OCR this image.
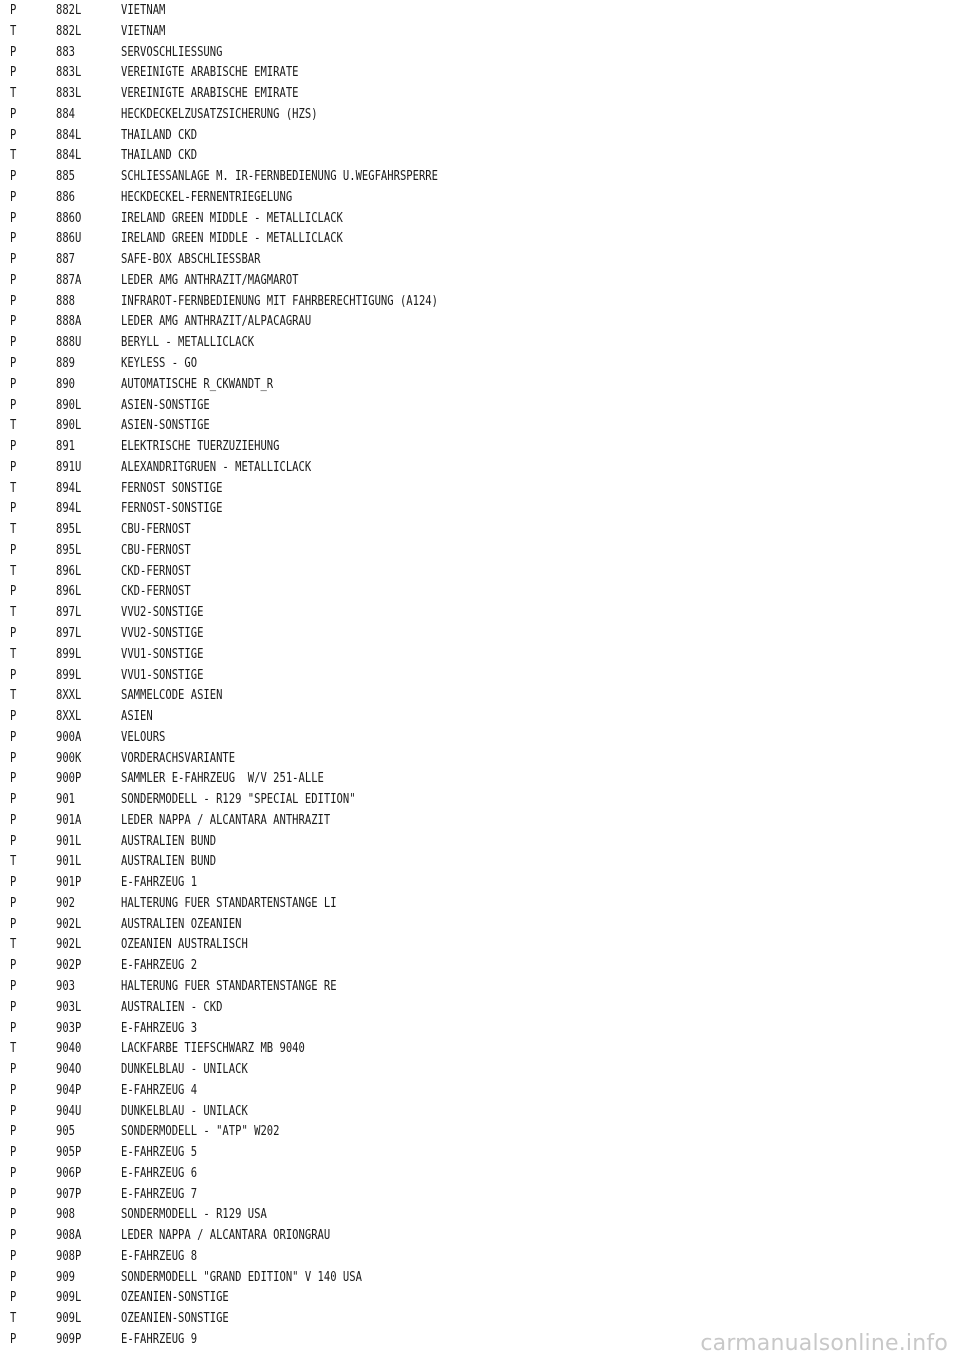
P	882L	VIETNAM
T	882L	VIETNAM
P	883	SERVOSCHLIESSUNG
P	883L	VEREINIGTE ARABISCHE EMIRATE
T	883L	VEREINIGTE ARABISCHE EMIRATE
P	884	HECKDECKELZUSATZSICHERUNG (HZS)
P	884L	THAILAND CKD
T	884L	THAILAND CKD
P	885	SCHLIESSANLAGE M. IR-FERNBEDIENUNG U.WEGFAHRSPERRE
P	886	HECKDECKEL-FERNENTRIEGELUNG
P	886O	IRELAND GREEN MIDDLE - METALLICLACK
P	886U	IRELAND GREEN MIDDLE - METALLICLACK
P	887	SAFE-BOX ABSCHLIESSBAR
P	887A	LEDER AMG ANTHRAZIT/MAGMAROT
P	888	INFRAROT-FERNBEDIENUNG MIT FAHRBERECHTIGUNG (A124)
P	888A	LEDER AMG ANTHRAZIT/ALPACAGRAU
P	888U	BERYLL - METALLICLACK
P	889	KEYLESS - GO
P	890	AUTOMATISCHE R_CKWANDT_R
P	890L	ASIEN-SONSTIGE
T	890L	ASIEN-SONSTIGE
P	891	ELEKTRISCHE TUERZUZIEHUNG
P	891U	ALEXANDRITGRUEN - METALLICLACK
T	894L	FERNOST SONSTIGE
P	894L	FERNOST-SONSTIGE
T	895L	CBU-FERNOST
P	895L	CBU-FERNOST
T	896L	CKD-FERNOST
P	896L	CKD-FERNOST
T	897L	VVU2-SONSTIGE
P	897L	VVU2-SONSTIGE
T	899L	VVU1-SONSTIGE
P	899L	VVU1-SONSTIGE
T	8XXL	SAMMELCODE ASIEN
P	8XXL	ASIEN
P	900A	VELOURS
P	900K	VORDERACHSVARIANTE
P	900P	SAMMLER E-FAHRZEUG  W/V 251-ALLE
P	901	SONDERMODELL - R129 "SPECIAL EDITION"
P	901A	LEDER NAPPA / ALCANTARA ANTHRAZIT
P	901L	AUSTRALIEN BUND
T	901L	AUSTRALIEN BUND
P	901P	E-FAHRZEUG 1
P	902	HALTERUNG FUER STANDARTENSTANGE LI
P	902L	AUSTRALIEN OZEANIEN
T	902L	OZEANIEN AUSTRALISCH
P	902P	E-FAHRZEUG 2
P	903	HALTERUNG FUER STANDARTENSTANGE RE
P	903L	AUSTRALIEN - CKD
P	903P	E-FAHRZEUG 3
T	9040	LACKFARBE TIEFSCHWARZ MB 9040
P	904O	DUNKELBLAU - UNILACK
P	904P	E-FAHRZEUG 4
P	904U	DUNKELBLAU - UNILACK
P	905	SONDERMODELL - "ATP" W202
P	905P	E-FAHRZEUG 5
P	906P	E-FAHRZEUG 6
P	907P	E-FAHRZEUG 7
P	908	SONDERMODELL - R129 USA
P	908A	LEDER NAPPA / ALCANTARA ORIONGRAU
P	908P	E-FAHRZEUG 8
P	909	SONDERMODELL "GRAND EDITION" V 140 USA
P	909L	OZEANIEN-SONSTIGE
T	909L	OZEANIEN-SONSTIGE
P	909P	E-FAHRZEUG 9	carmanualsonline.info
